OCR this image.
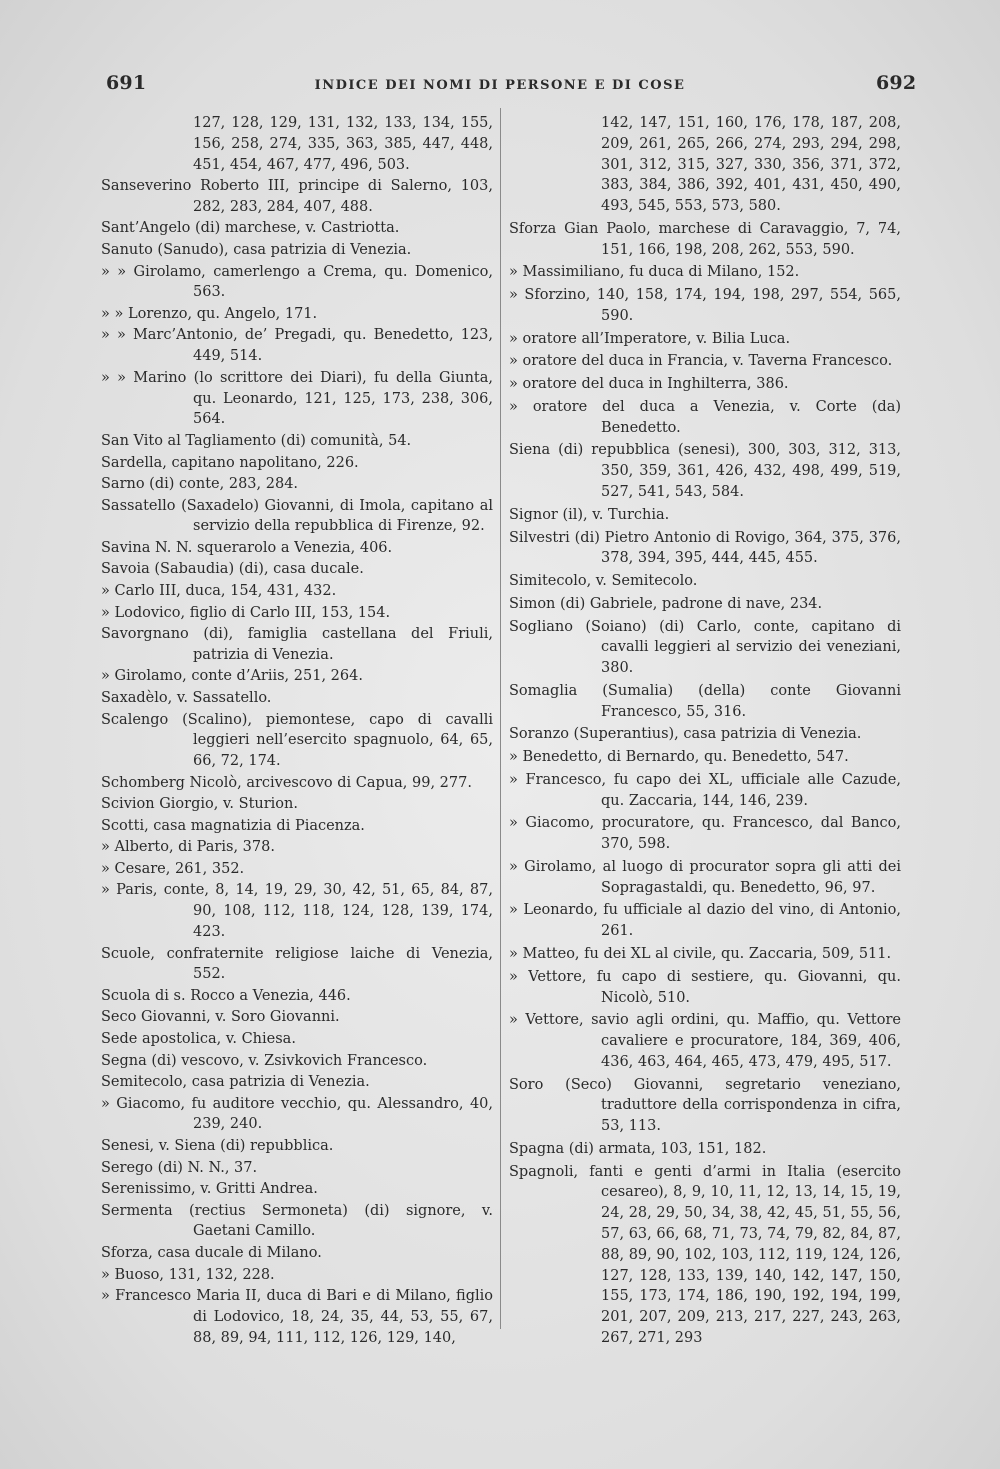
691	INDICE DEI NOMI DI PERSONE E DI COSE	692
127, 128, 129, 131, 132, 133, 134, 155, 156, 258, 274, 335, 363, 385, 447, 448, 451, 454, 467, 477, 496, 503.
Sanseverino Roberto III, principe di Salerno, 103, 282, 283, 284, 407, 488.
Sant’Angelo (di) marchese, v. Castriotta.
Sanuto (Sanudo), casa patrizia di Venezia.
» » Girolamo, camerlengo a Crema, qu. Domenico, 563.
» » Lorenzo, qu. Angelo, 171.
» » Marc’Antonio, de’ Pregadi, qu. Benedetto, 123, 449, 514.
» » Marino (lo scrittore dei Diari), fu della Giunta, qu. Leonardo, 121, 125, 173, 238, 306, 564.
San Vito al Tagliamento (di) comunità, 54.
Sardella, capitano napolitano, 226.
Sarno (di) conte, 283, 284.
Sassatello (Saxadelo) Giovanni, di Imola, capitano al servizio della repubblica di Firenze, 92.
Savina N. N. squerarolo a Venezia, 406.
Savoia (Sabaudia) (di), casa ducale.
» Carlo III, duca, 154, 431, 432.
» Lodovico, figlio di Carlo III, 153, 154.
Savorgnano (di), famiglia castellana del Friuli, patrizia di Venezia.
» Girolamo, conte d’Ariis, 251, 264.
Saxadèlo, v. Sassatello.
Scalengo (Scalino), piemontese, capo di cavalli leggieri nell’esercito spagnuolo, 64, 65, 66, 72, 174.
Schomberg Nicolò, arcivescovo di Capua, 99, 277.
Scivion Giorgio, v. Sturion.
Scotti, casa magnatizia di Piacenza.
» Alberto, di Paris, 378.
» Cesare, 261, 352.
» Paris, conte, 8, 14, 19, 29, 30, 42, 51, 65, 84, 87, 90, 108, 112, 118, 124, 128, 139, 174, 423.
Scuole, confraternite religiose laiche di Venezia, 552.
Scuola di s. Rocco a Venezia, 446.
Seco Giovanni, v. Soro Giovanni.
Sede apostolica, v. Chiesa.
Segna (di) vescovo, v. Zsivkovich Francesco.
Semitecolo, casa patrizia di Venezia.
» Giacomo, fu auditore vecchio, qu. Alessandro, 40, 239, 240.
Senesi, v. Siena (di) repubblica.
Serego (di) N. N., 37.
Serenissimo, v. Gritti Andrea.
Sermenta (rectius Sermoneta) (di) signore, v. Gaetani Camillo.
Sforza, casa ducale di Milano.
» Buoso, 131, 132, 228.
» Francesco Maria II, duca di Bari e di Milano, figlio di Lodovico, 18, 24, 35, 44, 53, 55, 67, 88, 89, 94, 111, 112, 126, 129, 140,
142, 147, 151, 160, 176, 178, 187, 208, 209, 261, 265, 266, 274, 293, 294, 298, 301, 312, 315, 327, 330, 356, 371, 372, 383, 384, 386, 392, 401, 431, 450, 490, 493, 545, 553, 573, 580.
Sforza Gian Paolo, marchese di Caravaggio, 7, 74, 151, 166, 198, 208, 262, 553, 590.
» Massimiliano, fu duca di Milano, 152.
» Sforzino, 140, 158, 174, 194, 198, 297, 554, 565, 590.
» oratore all’Imperatore, v. Bilia Luca.
» oratore del duca in Francia, v. Taverna Francesco.
» oratore del duca in Inghilterra, 386.
» oratore del duca a Venezia, v. Corte (da) Benedetto.
Siena (di) repubblica (senesi), 300, 303, 312, 313, 350, 359, 361, 426, 432, 498, 499, 519, 527, 541, 543, 584.
Signor (il), v. Turchia.
Silvestri (di) Pietro Antonio di Rovigo, 364, 375, 376, 378, 394, 395, 444, 445, 455.
Simitecolo, v. Semitecolo.
Simon (di) Gabriele, padrone di nave, 234.
Sogliano (Soiano) (di) Carlo, conte, capitano di cavalli leggieri al servizio dei veneziani, 380.
Somaglia (Sumalia) (della) conte Giovanni Francesco, 55, 316.
Soranzo (Superantius), casa patrizia di Venezia.
» Benedetto, di Bernardo, qu. Benedetto, 547.
» Francesco, fu capo dei XL, ufficiale alle Cazude, qu. Zaccaria, 144, 146, 239.
» Giacomo, procuratore, qu. Francesco, dal Banco, 370, 598.
» Girolamo, al luogo di procurator sopra gli atti dei Sopragastaldi, qu. Benedetto, 96, 97.
» Leonardo, fu ufficiale al dazio del vino, di Antonio, 261.
» Matteo, fu dei XL al civile, qu. Zaccaria, 509, 511.
» Vettore, fu capo di sestiere, qu. Giovanni, qu. Nicolò, 510.
» Vettore, savio agli ordini, qu. Maffio, qu. Vettore cavaliere e procuratore, 184, 369, 406, 436, 463, 464, 465, 473, 479, 495, 517.
Soro (Seco) Giovanni, segretario veneziano, traduttore della corrispondenza in cifra, 53, 113.
Spagna (di) armata, 103, 151, 182.
Spagnoli, fanti e genti d’armi in Italia (esercito cesareo), 8, 9, 10, 11, 12, 13, 14, 15, 19, 24, 28, 29, 50, 34, 38, 42, 45, 51, 55, 56, 57, 63, 66, 68, 71, 73, 74, 79, 82, 84, 87, 88, 89, 90, 102, 103, 112, 119, 124, 126, 127, 128, 133, 139, 140, 142, 147, 150, 155, 173, 174, 186, 190, 192, 194, 199, 201, 207, 209, 213, 217, 227, 243, 263, 267, 271, 293
